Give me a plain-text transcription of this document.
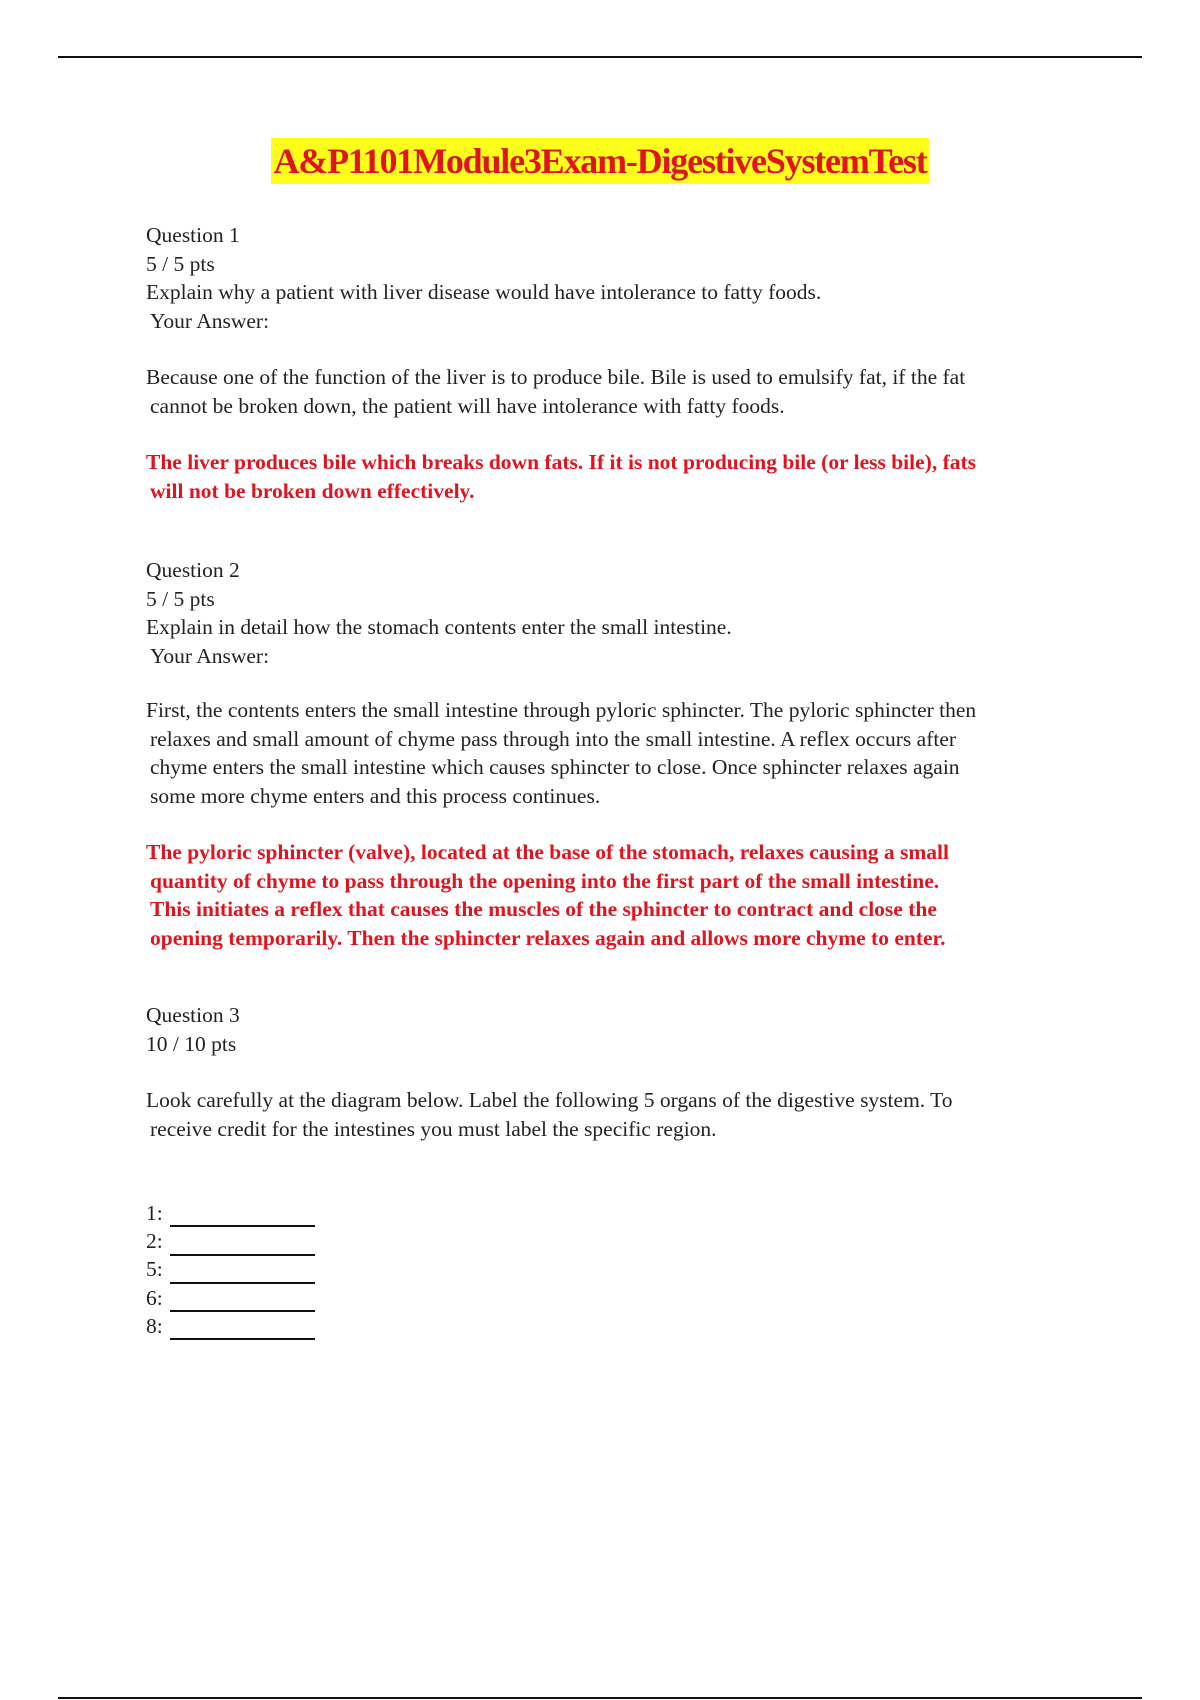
A&P1101Module3Exam-DigestiveSystemTest
Question 1
5 / 5 pts
Explain why a patient with liver disease would have intolerance to fatty foods.
Your Answer:
Because one of the function of the liver is to produce bile. Bile is used to emulsify fat, if the fat
cannot be broken down, the patient will have intolerance with fatty foods.
The liver produces bile which breaks down fats. If it is not producing bile (or less bile), fats
will not be broken down effectively.
Question 2
5 / 5 pts
Explain in detail how the stomach contents enter the small intestine.
Your Answer:
First, the contents enters the small intestine through pyloric sphincter. The pyloric sphincter then
relaxes and small amount of chyme pass through into the small intestine. A reflex occurs after
chyme enters the small intestine which causes sphincter to close. Once sphincter relaxes again
some more chyme enters and this process continues.
The pyloric sphincter (valve), located at the base of the stomach, relaxes causing a small
quantity of chyme to pass through the opening into the first part of the small intestine.
This initiates a reflex that causes the muscles of the sphincter to contract and close the
opening temporarily. Then the sphincter relaxes again and allows more chyme to enter.
Question 3
10 / 10 pts
Look carefully at the diagram below. Label the following 5 organs of the digestive system. To
receive credit for the intestines you must label the specific region.
1:
2:
5:
6:
8:
